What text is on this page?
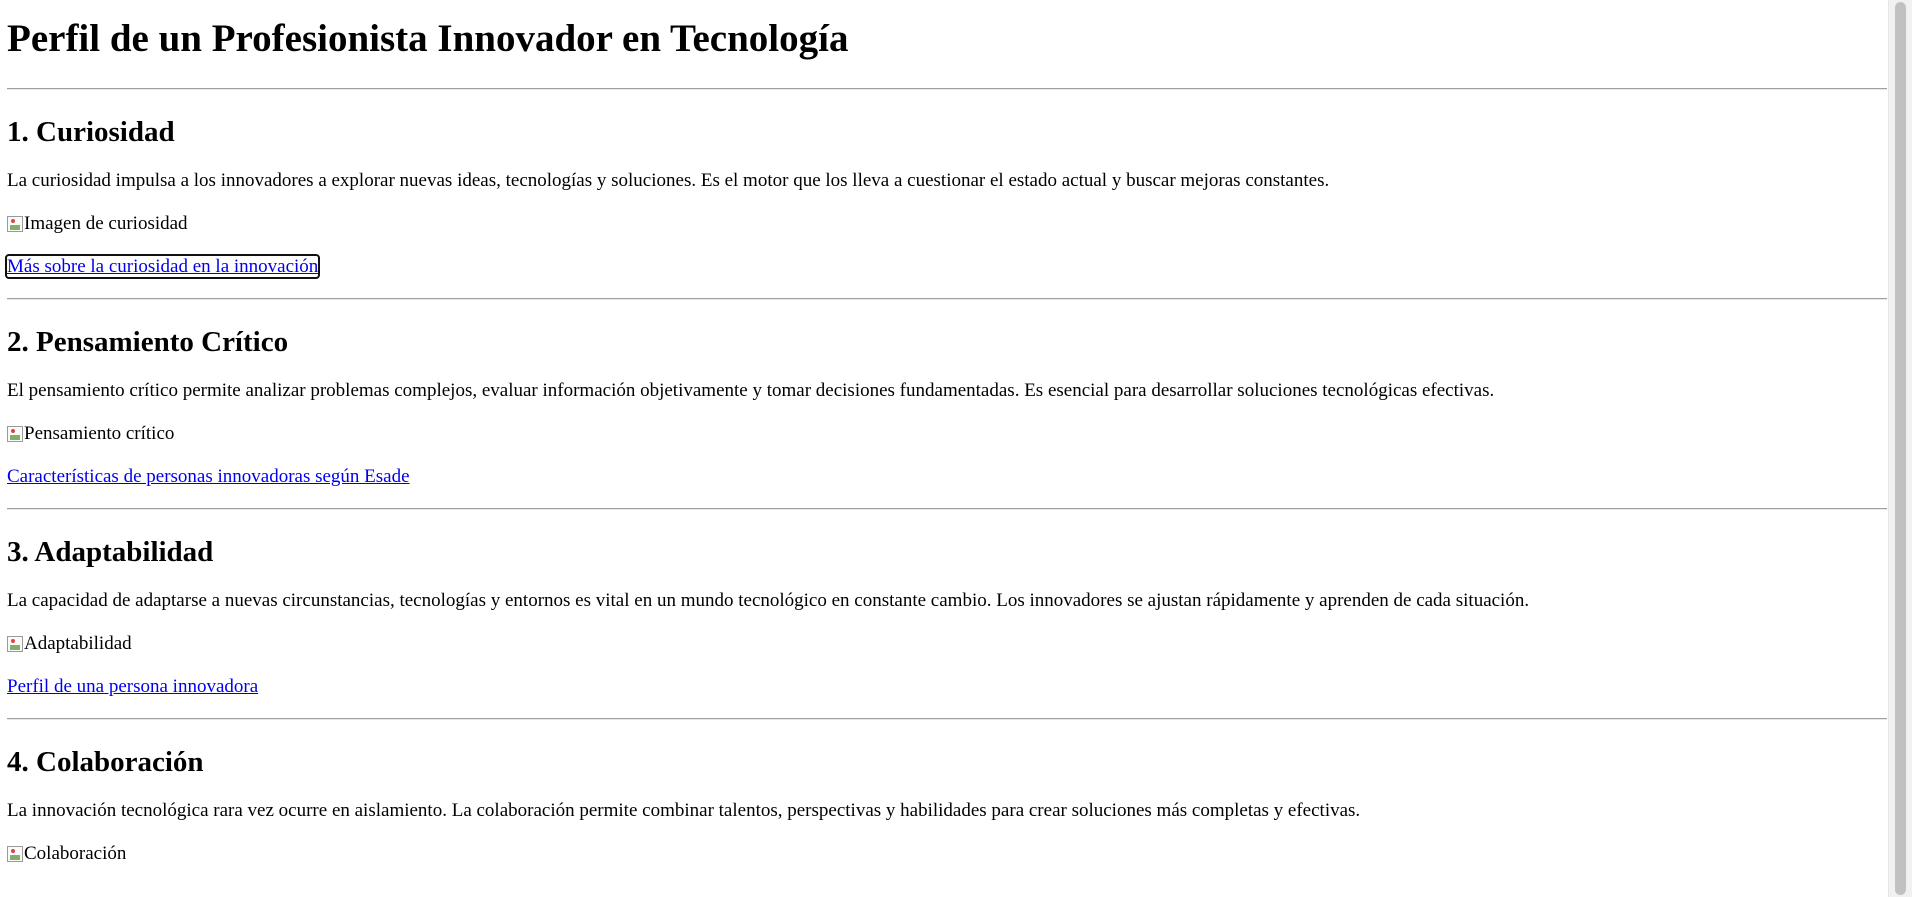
Perfil de un Profesionista Innovador en Tecnología
1. Curiosidad

La curiosidad impulsa a los innovadores a explorar nuevas ideas, tecnologías y soluciones. Es el motor que los lleva a cuestionar el estado actual y buscar mejoras constantes.

Imagen de curiosidad

Más sobre la curiosidad en la innovación

2. Pensamiento Crítico

El pensamiento crítico permite analizar problemas complejos, evaluar información objetivamente y tomar decisiones fundamentadas. Es esencial para desarrollar soluciones tecnológicas efectivas.

Pensamiento crítico

Características de personas innovadoras según Esade

3. Adaptabilidad

La capacidad de adaptarse a nuevas circunstancias, tecnologías y entornos es vital en un mundo tecnológico en constante cambio. Los innovadores se ajustan rápidamente y aprenden de cada situación.

Adaptabilidad

Perfil de una persona innovadora

4. Colaboración

La innovación tecnológica rara vez ocurre en aislamiento. La colaboración permite combinar talentos, perspectivas y habilidades para crear soluciones más completas y efectivas.

Colaboración
